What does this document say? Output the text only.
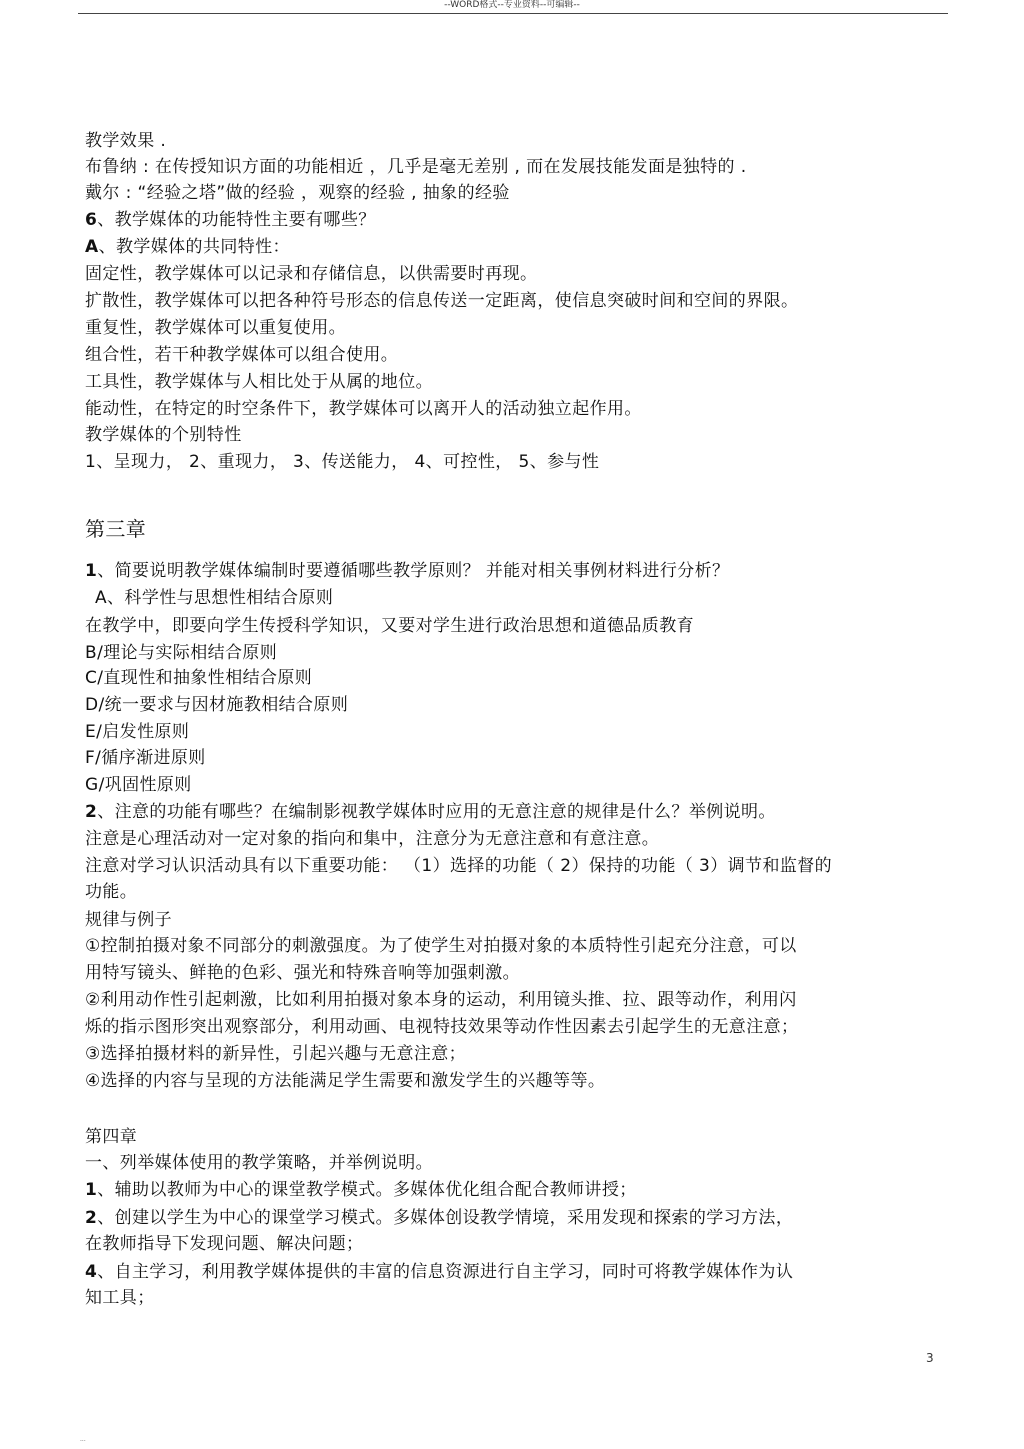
--WORD格式--专业资料--可编辑--
教学效果 .
布鲁纳 : 在传授知识方面的功能相近 ，几乎是毫无差别 , 而在发展技能发面是独特的 .
戴尔 : “经验之塔”做的经验 ，观察的经验 , 抽象的经验
6、教学媒体的功能特性主要有哪些？
A、教学媒体的共同特性：
固定性，教学媒体可以记录和存储信息，以供需要时再现。
扩散性，教学媒体可以把各种符号形态的信息传送一定距离，使信息突破时间和空间的界限。
重复性，教学媒体可以重复使用。
组合性，若干种教学媒体可以组合使用。
工具性，教学媒体与人相比处于从属的地位。
能动性，在特定的时空条件下，教学媒体可以离开人的活动独立起作用。
教学媒体的个别特性
1、呈现力， 2、重现力， 3、传送能力， 4、可控性， 5、参与性
第三章
1、简要说明教学媒体编制时要遵循哪些教学原则？ 并能对相关事例材料进行分析？
A、科学性与思想性相结合原则
在教学中，即要向学生传授科学知识，又要对学生进行政治思想和道德品质教育
B/理论与实际相结合原则
C/直现性和抽象性相结合原则
D/统一要求与因材施教相结合原则
E/启发性原则
F/循序渐进原则
G/巩固性原则
2、注意的功能有哪些？在编制影视教学媒体时应用的无意注意的规律是什么？举例说明。
注意是心理活动对一定对象的指向和集中，注意分为无意注意和有意注意。
注意对学习认识活动具有以下重要功能： （1）选择的功能（ 2）保持的功能（ 3）调节和监督的
功能。
规律与例子
①控制拍摄对象不同部分的刺激强度。为了使学生对拍摄对象的本质特性引起充分注意，可以
用特写镜头、鲜艳的色彩、强光和特殊音响等加强刺激。
②利用动作性引起刺激，比如利用拍摄对象本身的运动，利用镜头推、拉、跟等动作，利用闪
烁的指示图形突出观察部分，利用动画、电视特技效果等动作性因素去引起学生的无意注意；
③选择拍摄材料的新异性，引起兴趣与无意注意；
④选择的内容与呈现的方法能满足学生需要和激发学生的兴趣等等。
第四章
一、列举媒体使用的教学策略，并举例说明。
1、辅助以教师为中心的课堂教学模式。多媒体优化组合配合教师讲授；
2、创建以学生为中心的课堂学习模式。多媒体创设教学情境，采用发现和探索的学习方法，
在教师指导下发现问题、解决问题；
4、自主学习，利用教学媒体提供的丰富的信息资源进行自主学习，同时可将教学媒体作为认
知工具；
3
...
